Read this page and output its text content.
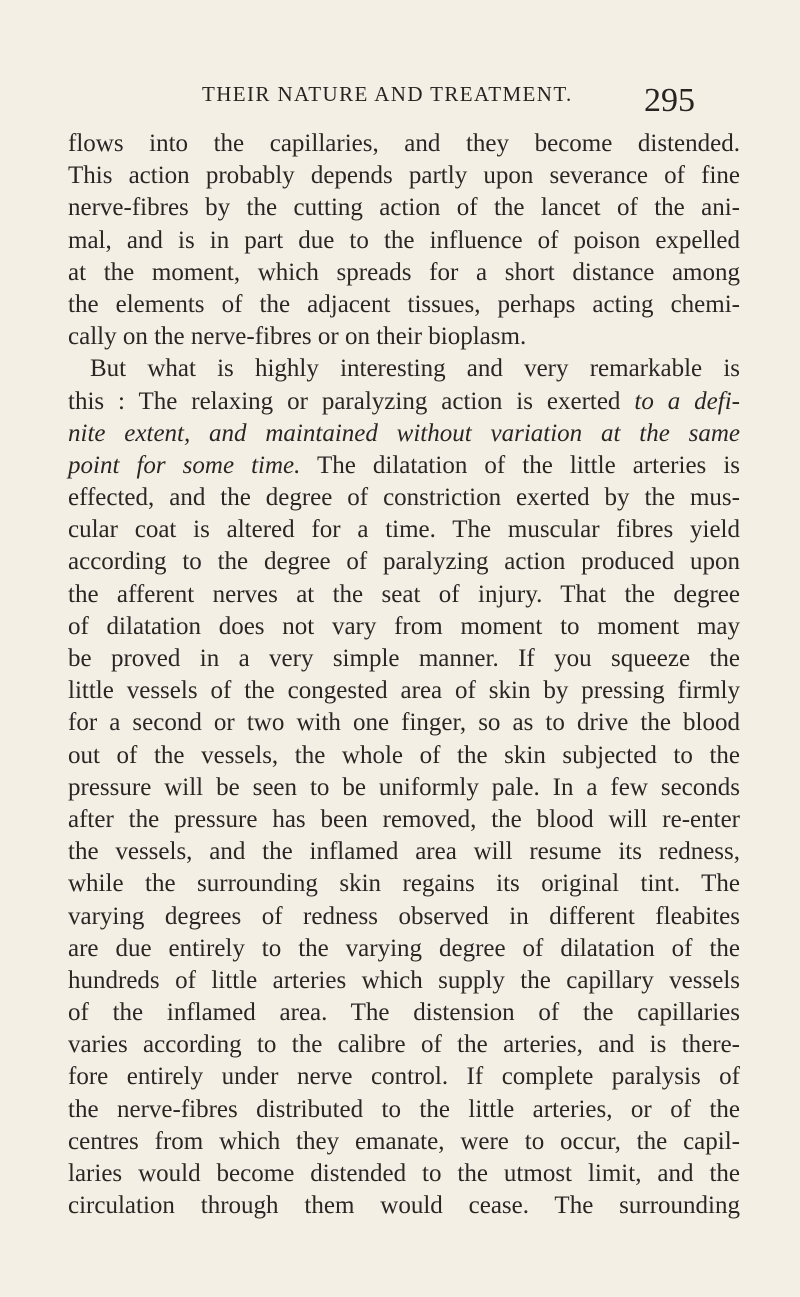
THEIR NATURE AND TREATMENT. 295
flows into the capillaries, and they become distended.
This action probably depends partly upon severance of fine
nerve-fibres by the cutting action of the lancet of the ani-
mal, and is in part due to the influence of poison expelled
at the moment, which spreads for a short distance among
the elements of the adjacent tissues, perhaps acting chemi-
cally on the nerve-fibres or on their bioplasm.
But what is highly interesting and very remarkable is
this : The relaxing or paralyzing action is exerted to a defi-
nite extent, and maintained without variation at the same
point for some time. The dilatation of the little arteries is
effected, and the degree of constriction exerted by the mus-
cular coat is altered for a time. The muscular fibres yield
according to the degree of paralyzing action produced upon
the afferent nerves at the seat of injury. That the degree
of dilatation does not vary from moment to moment may
be proved in a very simple manner. If you squeeze the
little vessels of the congested area of skin by pressing firmly
for a second or two with one finger, so as to drive the blood
out of the vessels, the whole of the skin subjected to the
pressure will be seen to be uniformly pale. In a few seconds
after the pressure has been removed, the blood will re-enter
the vessels, and the inflamed area will resume its redness,
while the surrounding skin regains its original tint. The
varying degrees of redness observed in different fleabites
are due entirely to the varying degree of dilatation of the
hundreds of little arteries which supply the capillary vessels
of the inflamed area. The distension of the capillaries
varies according to the calibre of the arteries, and is there-
fore entirely under nerve control. If complete paralysis of
the nerve-fibres distributed to the little arteries, or of the
centres from which they emanate, were to occur, the capil-
laries would become distended to the utmost limit, and the
circulation through them would cease. The surrounding
